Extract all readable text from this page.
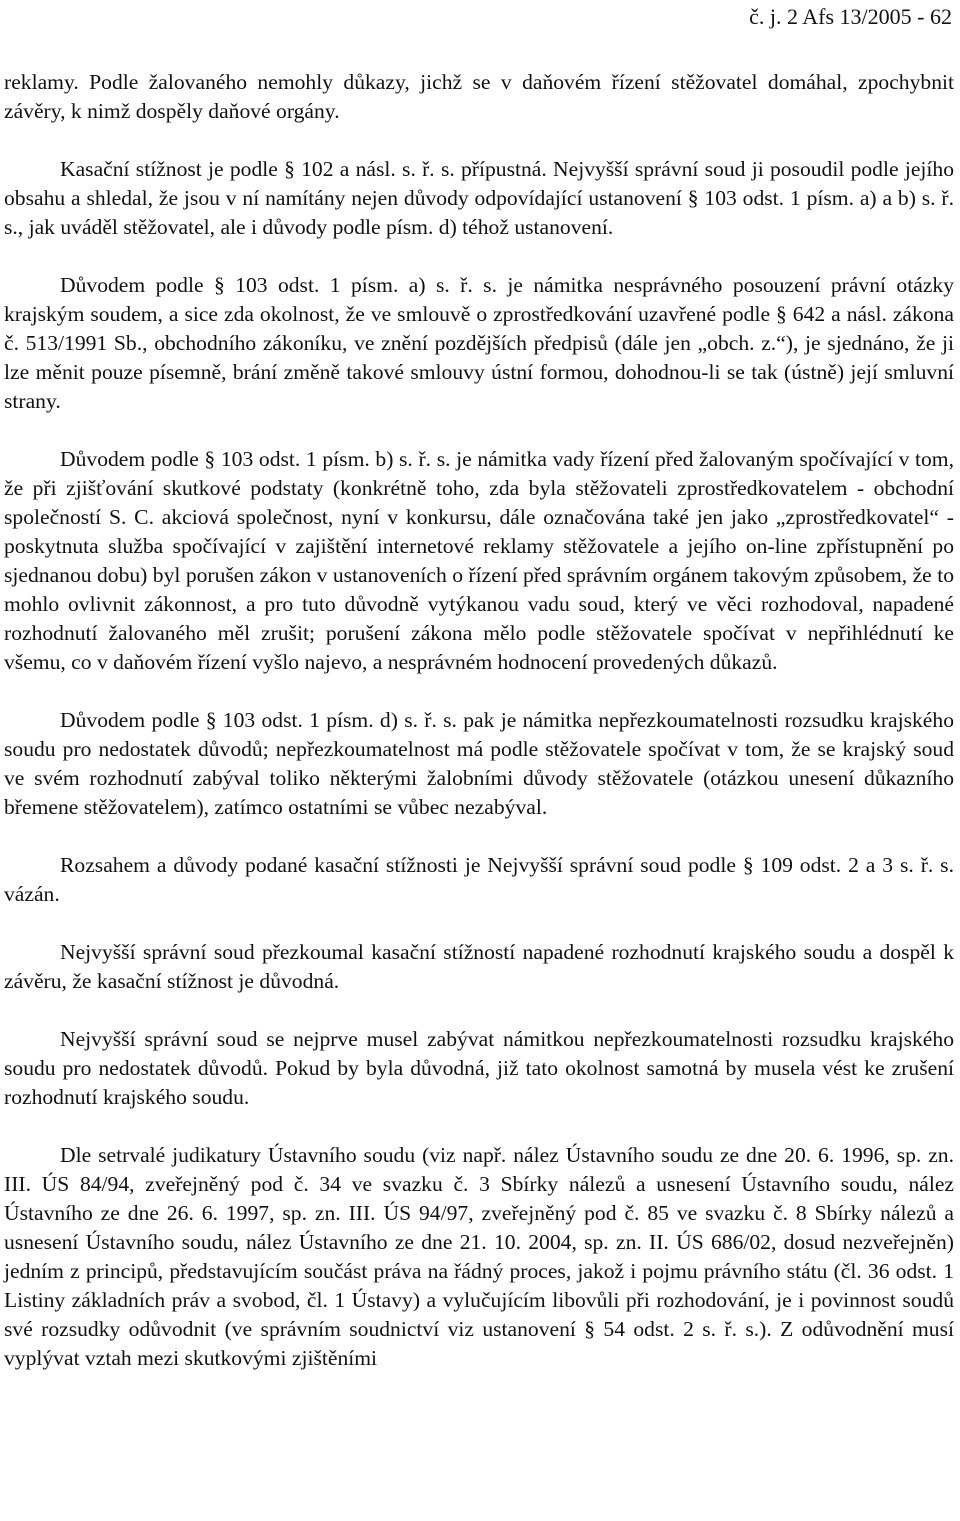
č. j. 2 Afs 13/2005 - 62

reklamy. Podle žalovaného nemohly důkazy, jichž se v daňovém řízení stěžovatel domáhal, zpochybnit závěry, k nimž dospěly daňové orgány.

Kasační stížnost je podle § 102 a násl. s. ř. s. přípustná. Nejvyšší správní soud ji posoudil podle jejího obsahu a shledal, že jsou v ní namítány nejen důvody odpovídající ustanovení § 103 odst. 1 písm. a) a b) s. ř. s., jak uváděl stěžovatel, ale i důvody podle písm. d) téhož ustanovení.

Důvodem podle § 103 odst. 1 písm. a) s. ř. s. je námitka nesprávného posouzení právní otázky krajským soudem, a sice zda okolnost, že ve smlouvě o zprostředkování uzavřené podle § 642 a násl. zákona č. 513/1991 Sb., obchodního zákoníku, ve znění pozdějších předpisů (dále jen „obch. z.“), je sjednáno, že ji lze měnit pouze písemně, brání změně takové smlouvy ústní formou, dohodnou-li se tak (ústně) její smluvní strany.

Důvodem podle § 103 odst. 1 písm. b) s. ř. s. je námitka vady řízení před žalovaným spočívající v tom, že při zjišťování skutkové podstaty (konkrétně toho, zda byla stěžovateli zprostředkovatelem - obchodní společností S. C. akciová společnost, nyní v konkursu, dále označována také jen jako „zprostředkovatel“ - poskytnuta služba spočívající v zajištění internetové reklamy stěžovatele a jejího on-line zpřístupnění po sjednanou dobu) byl porušen zákon v ustanoveních o řízení před správním orgánem takovým způsobem, že to mohlo ovlivnit zákonnost, a pro tuto důvodně vytýkanou vadu soud, který ve věci rozhodoval, napadené rozhodnutí žalovaného měl zrušit; porušení zákona mělo podle stěžovatele spočívat v nepřihlédnutí ke všemu, co v daňovém řízení vyšlo najevo, a nesprávném hodnocení provedených důkazů.

Důvodem podle § 103 odst. 1 písm. d) s. ř. s. pak je námitka nepřezkoumatelnosti rozsudku krajského soudu pro nedostatek důvodů; nepřezkoumatelnost má podle stěžovatele spočívat v tom, že se krajský soud ve svém rozhodnutí zabýval toliko některými žalobními důvody stěžovatele (otázkou unesení důkazního břemene stěžovatelem), zatímco ostatními se vůbec nezabýval.

Rozsahem a důvody podané kasační stížnosti je Nejvyšší správní soud podle § 109 odst. 2 a 3 s. ř. s. vázán.

Nejvyšší správní soud přezkoumal kasační stížností napadené rozhodnutí krajského soudu a dospěl k závěru, že kasační stížnost je důvodná.

Nejvyšší správní soud se nejprve musel zabývat námitkou nepřezkoumatelnosti rozsudku krajského soudu pro nedostatek důvodů. Pokud by byla důvodná, již tato okolnost samotná by musela vést ke zrušení rozhodnutí krajského soudu.

Dle setrvalé judikatury Ústavního soudu (viz např. nález Ústavního soudu ze dne 20. 6. 1996, sp. zn. III. ÚS 84/94, zveřejněný pod č. 34 ve svazku č. 3 Sbírky nálezů a usnesení Ústavního soudu, nález Ústavního ze dne 26. 6. 1997, sp. zn. III. ÚS 94/97, zveřejněný pod č. 85 ve svazku č. 8 Sbírky nálezů a usnesení Ústavního soudu, nález Ústavního ze dne 21. 10. 2004, sp. zn. II. ÚS 686/02, dosud nezveřejněn) jedním z principů, představujícím součást práva na řádný proces, jakož i pojmu právního státu (čl. 36 odst. 1 Listiny základních práv a svobod, čl. 1 Ústavy) a vylučujícím libovůli při rozhodování, je i povinnost soudů své rozsudky odůvodnit (ve správním soudnictví viz ustanovení § 54 odst. 2 s. ř. s.). Z odůvodnění musí vyplývat vztah mezi skutkovými zjištěními
